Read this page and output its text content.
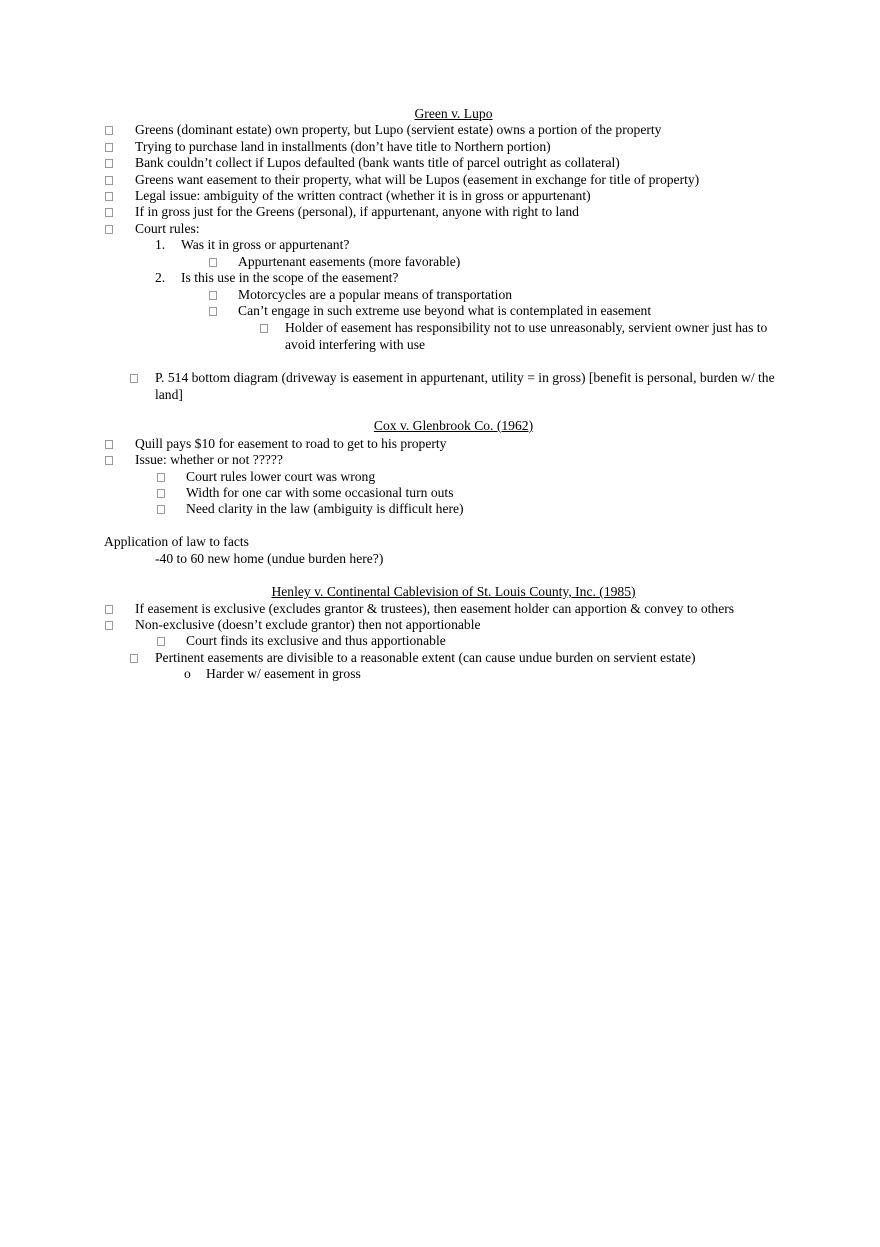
Green v. Lupo
Greens (dominant estate) own property, but Lupo (servient estate) owns a portion of the property
Trying to purchase land in installments (don’t have title to Northern portion)
Bank couldn’t collect if Lupos defaulted (bank wants title of parcel outright as collateral)
Greens want easement to their property, what will be Lupos (easement in exchange for title of property)
Legal issue: ambiguity of the written contract (whether it is in gross or appurtenant)
If in gross just for the Greens (personal), if appurtenant, anyone with right to land
Court rules:
1. Was it in gross or appurtenant?
Appurtenant easements (more favorable)
2. Is this use in the scope of the easement?
Motorcycles are a popular means of transportation
Can’t engage in such extreme use beyond what is contemplated in easement
Holder of easement has responsibility not to use unreasonably, servient owner just has to avoid interfering with use
P. 514 bottom diagram (driveway is easement in appurtenant, utility = in gross) [benefit is personal, burden w/ the land]
Cox v. Glenbrook Co. (1962)
Quill pays $10 for easement to road to get to his property
Issue: whether or not ?????
Court rules lower court was wrong
Width for one car with some occasional turn outs
Need clarity in the law (ambiguity is difficult here)
Application of law to facts
-40 to 60 new home (undue burden here?)
Henley v. Continental Cablevision of St. Louis County, Inc. (1985)
If easement is exclusive (excludes grantor & trustees), then easement holder can apportion & convey to others
Non-exclusive (doesn’t exclude grantor) then not apportionable
Court finds its exclusive and thus apportionable
Pertinent easements are divisible to a reasonable extent (can cause undue burden on servient estate)
o Harder w/ easement in gross
